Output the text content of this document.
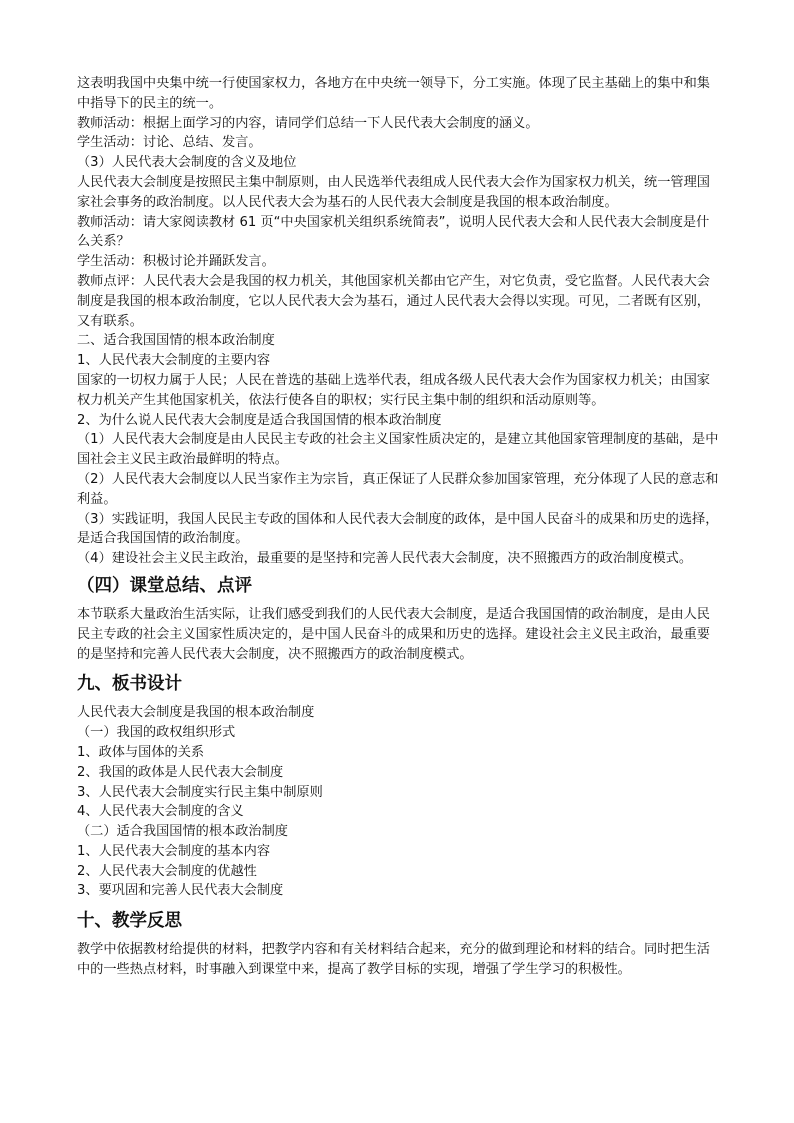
这表明我国中央集中统一行使国家权力，各地方在中央统一领导下，分工实施。体现了民主基础上的集中和集中指导下的民主的统一。

教师活动：根据上面学习的内容，请同学们总结一下人民代表大会制度的涵义。

学生活动：讨论、总结、发言。

（3）人民代表大会制度的含义及地位

人民代表大会制度是按照民主集中制原则，由人民选举代表组成人民代表大会作为国家权力机关，统一管理国家社会事务的政治制度。以人民代表大会为基石的人民代表大会制度是我国的根本政治制度。

教师活动：请大家阅读教材 61 页“中央国家机关组织系统简表”，说明人民代表大会和人民代表大会制度是什么关系？

学生活动：积极讨论并踊跃发言。

教师点评：人民代表大会是我国的权力机关，其他国家机关都由它产生，对它负责，受它监督。人民代表大会制度是我国的根本政治制度，它以人民代表大会为基石，通过人民代表大会得以实现。可见，二者既有区别，又有联系。

二、适合我国国情的根本政治制度

1、人民代表大会制度的主要内容

国家的一切权力属于人民；人民在普选的基础上选举代表，组成各级人民代表大会作为国家权力机关；由国家权力机关产生其他国家机关，依法行使各自的职权；实行民主集中制的组织和活动原则等。

2、为什么说人民代表大会制度是适合我国国情的根本政治制度

（1）人民代表大会制度是由人民民主专政的社会主义国家性质决定的，是建立其他国家管理制度的基础，是中国社会主义民主政治最鲜明的特点。

（2）人民代表大会制度以人民当家作主为宗旨，真正保证了人民群众参加国家管理，充分体现了人民的意志和利益。

（3）实践证明，我国人民民主专政的国体和人民代表大会制度的政体，是中国人民奋斗的成果和历史的选择，是适合我国国情的政治制度。

（4）建设社会主义民主政治，最重要的是坚持和完善人民代表大会制度，决不照搬西方的政治制度模式。

（四）课堂总结、点评

本节联系大量政治生活实际，让我们感受到我们的人民代表大会制度，是适合我国国情的政治制度，是由人民民主专政的社会主义国家性质决定的，是中国人民奋斗的成果和历史的选择。建设社会主义民主政治，最重要的是坚持和完善人民代表大会制度，决不照搬西方的政治制度模式。

九、板书设计

人民代表大会制度是我国的根本政治制度

（一）我国的政权组织形式

1、政体与国体的关系

2、我国的政体是人民代表大会制度

3、人民代表大会制度实行民主集中制原则

4、人民代表大会制度的含义

（二）适合我国国情的根本政治制度

1、人民代表大会制度的基本内容

2、人民代表大会制度的优越性

3、要巩固和完善人民代表大会制度

十、教学反思

教学中依据教材给提供的材料，把教学内容和有关材料结合起来，充分的做到理论和材料的结合。同时把生活中的一些热点材料，时事融入到课堂中来，提高了教学目标的实现，增强了学生学习的积极性。
